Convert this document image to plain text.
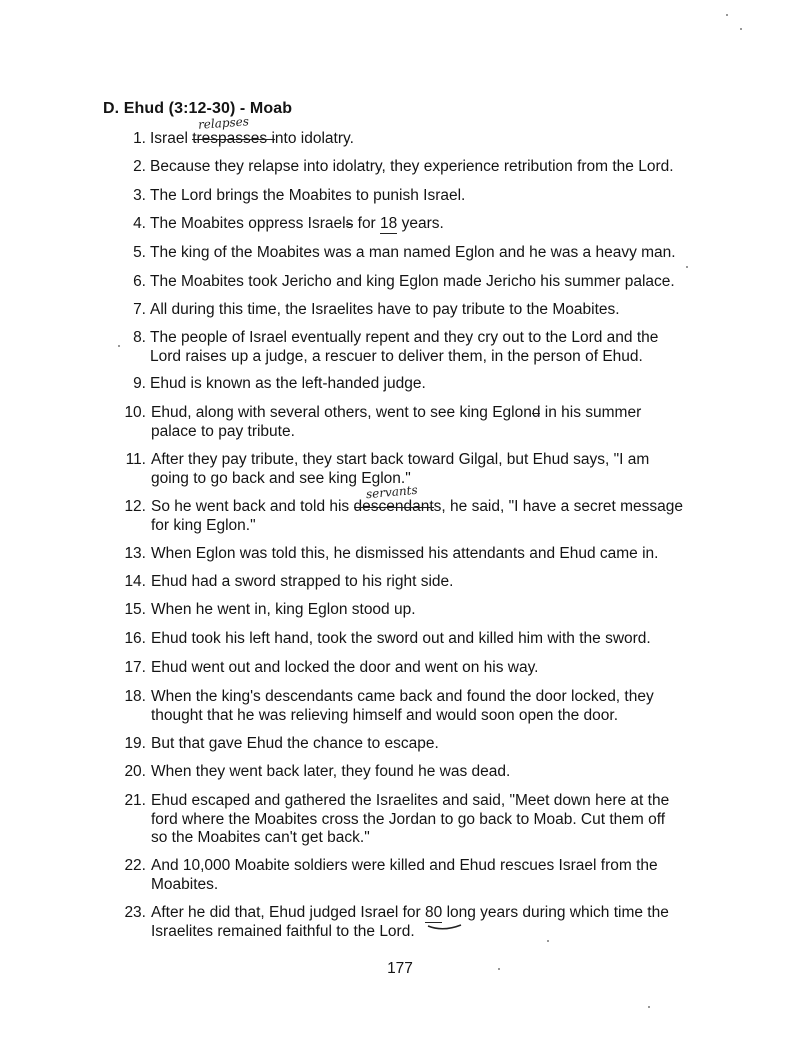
D. Ehud (3:12-30) - Moab
1. Israel trespasses into idolatry.
relapses
2. Because they relapse into idolatry, they experience retribution from the Lord.
3. The Lord brings the Moabites to punish Israel.
4. The Moabites oppress Israels for 18 years.
5. The king of the Moabites was a man named Eglon and he was a heavy man.
6. The Moabites took Jericho and king Eglon made Jericho his summer palace.
7. All during this time, the Israelites have to pay tribute to the Moabites.
8. The people of Israel eventually repent and they cry out to the Lord and the
Lord raises up a judge, a rescuer to deliver them, in the person of Ehud.
9. Ehud is known as the left-handed judge.
10. Ehud, along with several others, went to see king Eglond in his summer
palace to pay tribute.
11. After they pay tribute, they start back toward Gilgal, but Ehud says, "I am
going to go back and see king Eglon."
12. So he went back and told his descendants, he said, "I have a secret message
for king Eglon."
servants
13. When Eglon was told this, he dismissed his attendants and Ehud came in.
14. Ehud had a sword strapped to his right side.
15. When he went in, king Eglon stood up.
16. Ehud took his left hand, took the sword out and killed him with the sword.
17. Ehud went out and locked the door and went on his way.
18. When the king's descendants came back and found the door locked, they
thought that he was relieving himself and would soon open the door.
19. But that gave Ehud the chance to escape.
20. When they went back later, they found he was dead.
21. Ehud escaped and gathered the Israelites and said, "Meet down here at the
ford where the Moabites cross the Jordan to go back to Moab. Cut them off
so the Moabites can't get back."
22. And 10,000 Moabite soldiers were killed and Ehud rescues Israel from the
Moabites.
23. After he did that, Ehud judged Israel for 80 long years during which time the
Israelites remained faithful to the Lord.
177
